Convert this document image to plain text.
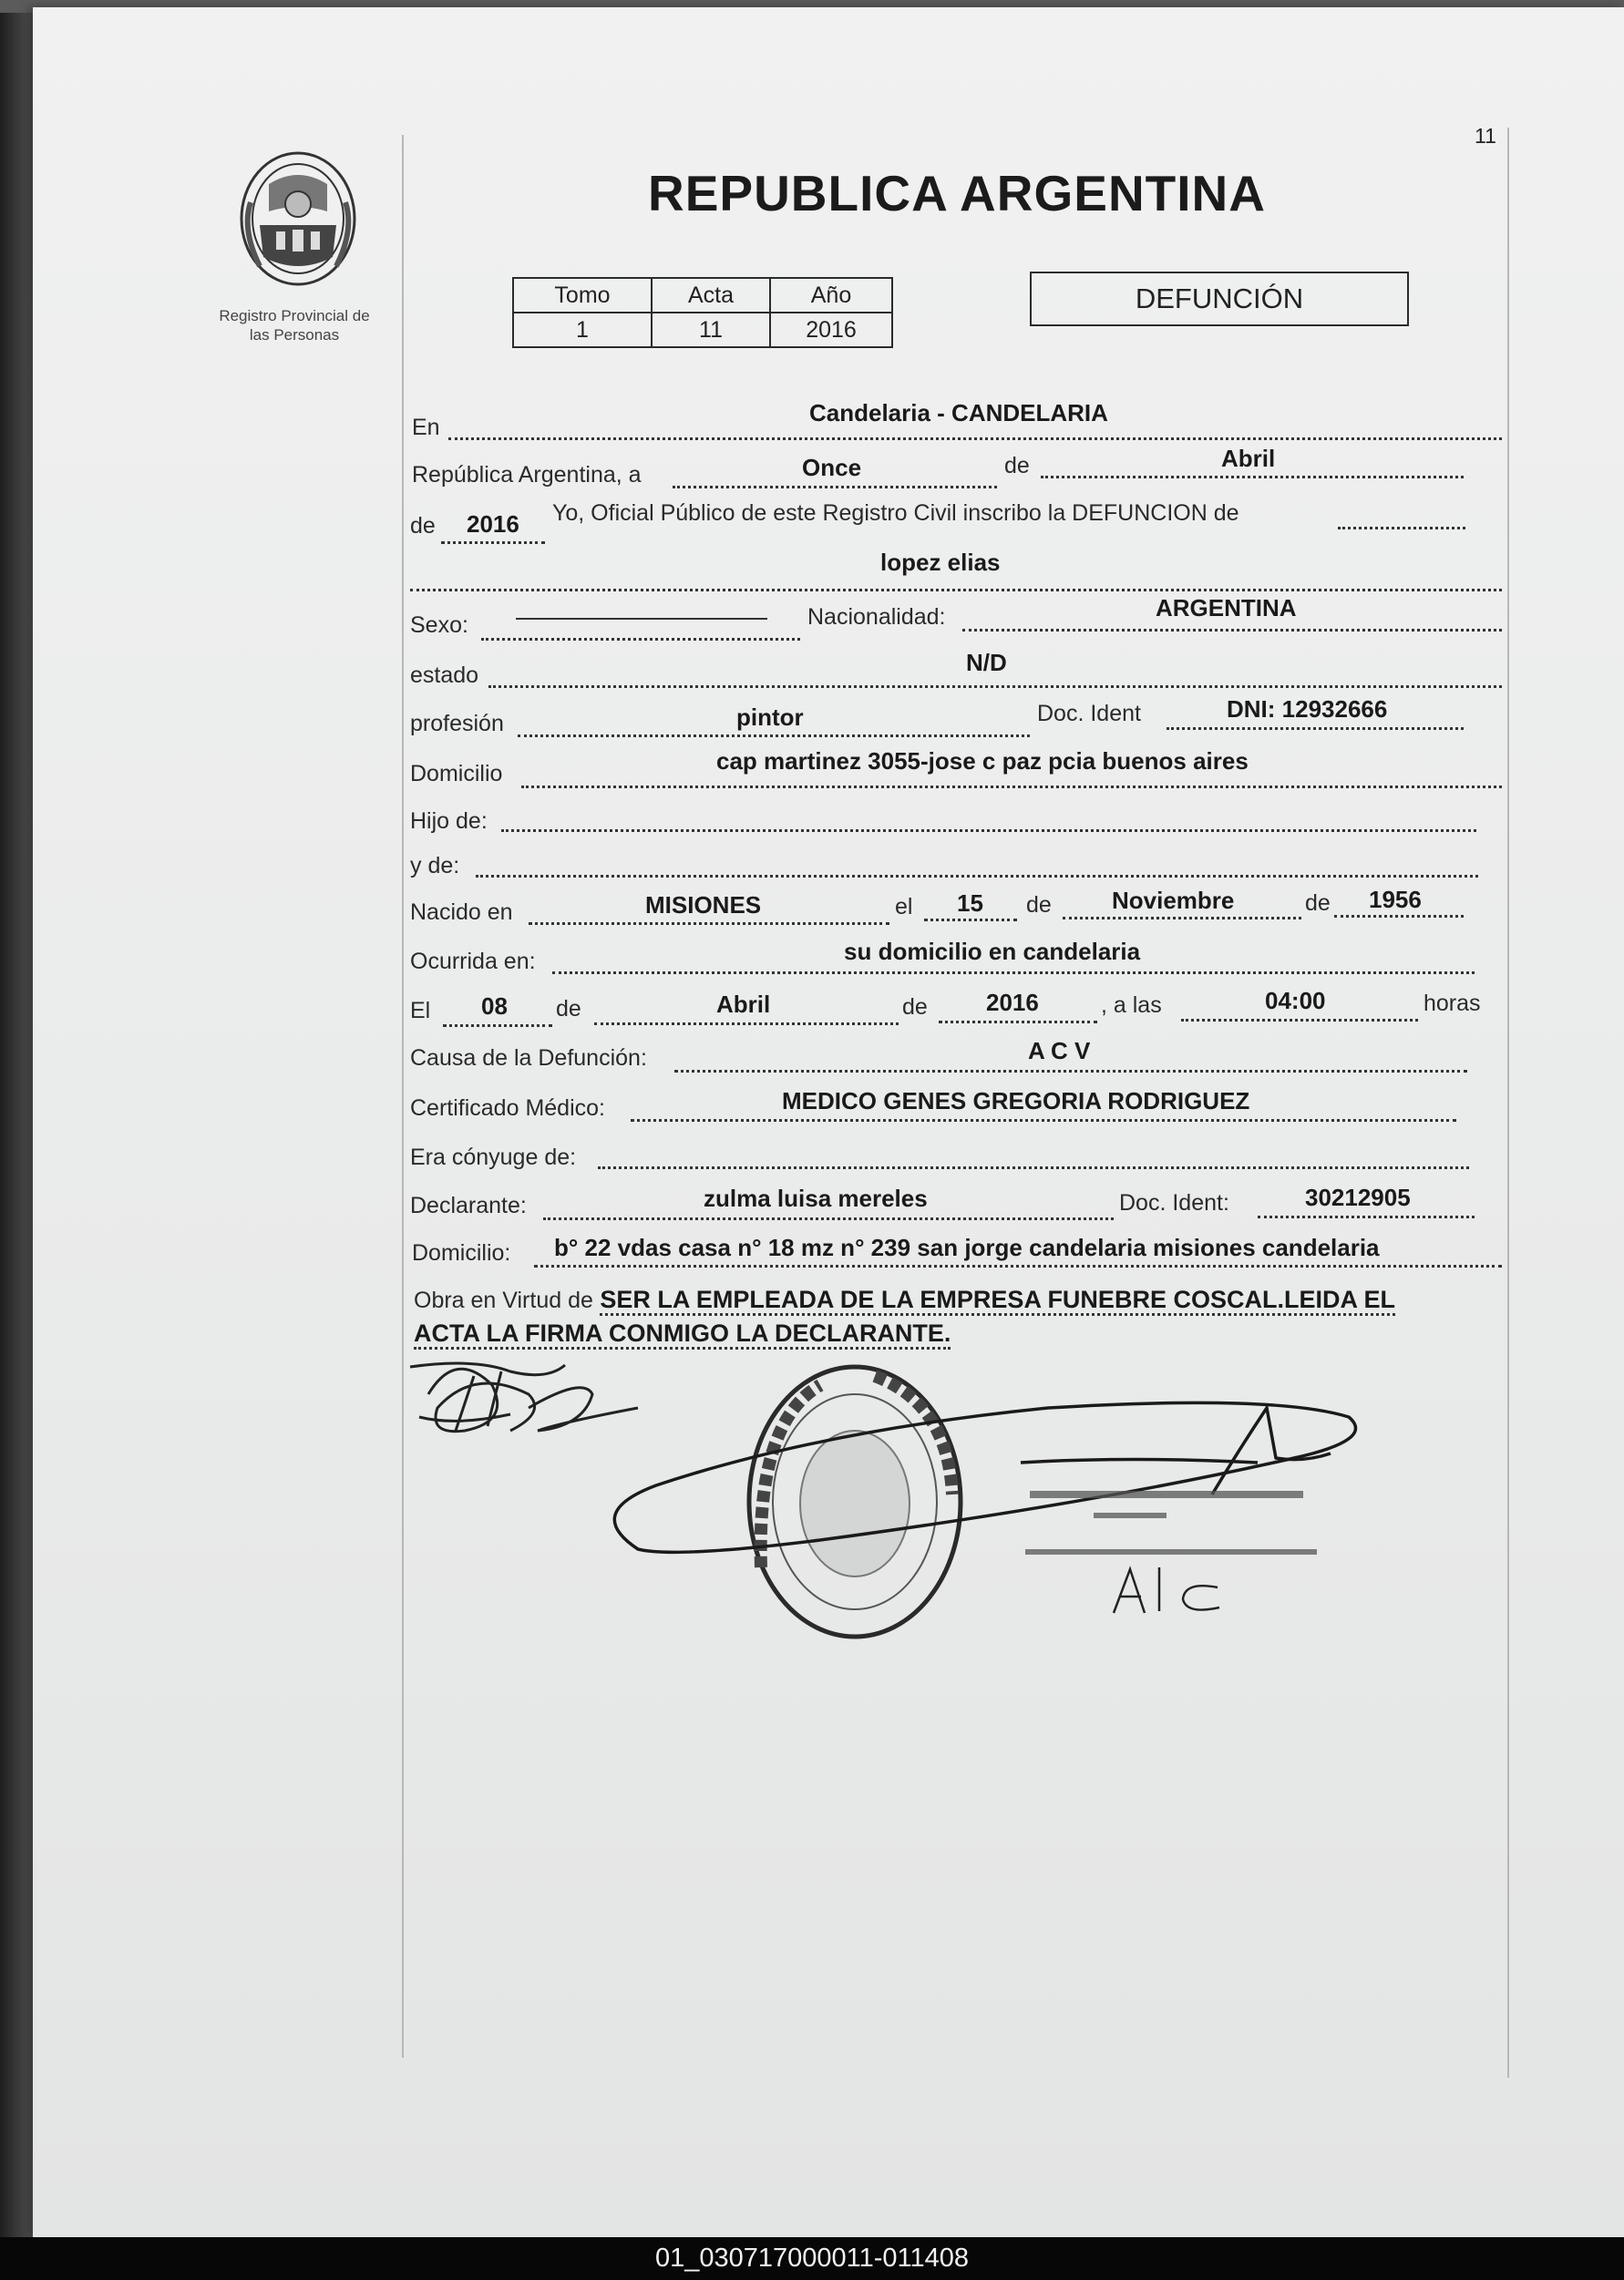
11
Registro Provincial de
las Personas
REPUBLICA ARGENTINA
Tomo	Acta	Año
1	11	2016
DEFUNCIÓN
En
Candelaria - CANDELARIA
República Argentina, a	Once	de	Abril
de 2016 Yo, Oficial Público de este Registro Civil inscribo la DEFUNCION de
lopez elias
Sexo:	Nacionalidad:	ARGENTINA
estado	N/D
profesión	pintor	Doc. Ident	DNI: 12932666
Domicilio	cap martinez 3055-jose c paz pcia buenos aires
Hijo de:
y de:
Nacido en	MISIONES	el 15 de	Noviembre	de 1956
Ocurrida en:	su domicilio en candelaria
El 08 de	Abril	de 2016	, a las	04:00	horas
Causa de la Defunción:	A C V
Certificado Médico:	MEDICO GENES GREGORIA RODRIGUEZ
Era cónyuge de:
Declarante:	zulma luisa mereles	Doc. Ident:	30212905
Domicilio: b° 22 vdas casa n° 18 mz n° 239 san jorge candelaria misiones candelaria
Obra en Virtud de SER LA EMPLEADA DE LA EMPRESA FUNEBRE COSCAL.LEIDA EL
ACTA LA FIRMA CONMIGO LA DECLARANTE.
01_030717000011-011408
